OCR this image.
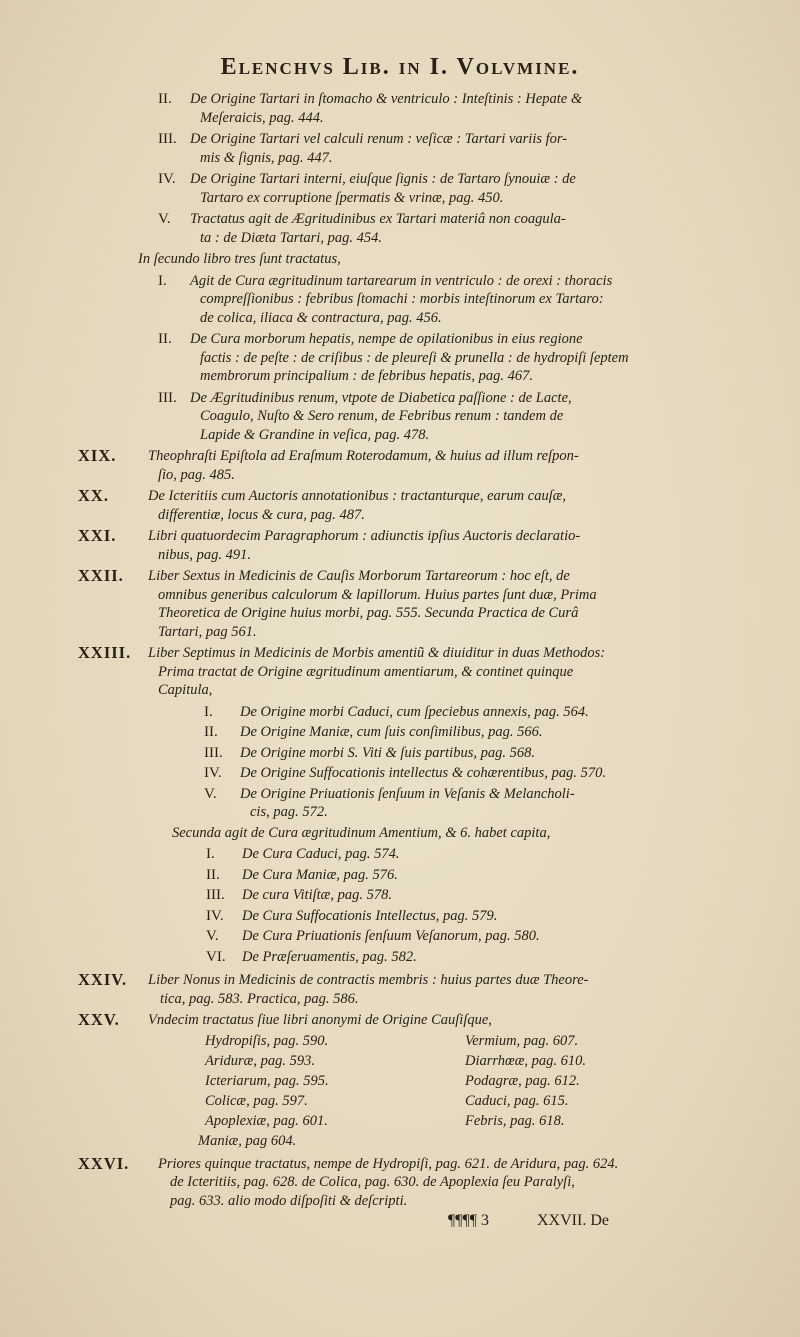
Elenchvs Lib. in I. Volvmine.
II. De Origine Tartari in ſtomacho & ventriculo : Inteſtinis : Hepate &
Meſeraicis, pag. 444.
III. De Origine Tartari vel calculi renum : veſicæ : Tartari variis for-
mis & ſignis, pag. 447.
IV. De Origine Tartari interni, eiuſque ſignis : de Tartaro ſynouiæ : de
Tartaro ex corruptione ſpermatis & vrinæ, pag. 450.
V. Tractatus agit de Ægritudinibus ex Tartari materiâ non coagula-
ta : de Diæta Tartari, pag. 454.
In ſecundo libro tres ſunt tractatus,
I. Agit de Cura ægritudinum tartarearum in ventriculo : de orexi : thoracis
compreſſionibus : febribus ſtomachi : morbis inteſtinorum ex Tartaro:
de colica, iliaca & contractura, pag. 456.
II. De Cura morborum hepatis, nempe de opilationibus in eius regione
factis : de peſte : de criſibus : de pleureſi & prunella : de hydropiſi ſeptem
membrorum principalium : de febribus hepatis, pag. 467.
III. De Ægritudinibus renum, vtpote de Diabetica paſſione : de Lacte,
Coagulo, Nuſto & Sero renum, de Febribus renum : tandem de
Lapide & Grandine in veſica, pag. 478.
XIX. Theophraſti Epiſtola ad Eraſmum Roterodamum, & huius ad illum reſpon-
ſio, pag. 485.
XX.	De Icteritiis cum Auctoris annotationibus : tractanturque, earum cauſæ,
differentiæ, locus & cura, pag. 487.
XXI. Libri quatuordecim Paragraphorum : adiunctis ipſius Auctoris declaratio-
nibus, pag. 491.
XXII. Liber Sextus in Medicinis de Cauſis Morborum Tartareorum : hoc eſt, de
omnibus generibus calculorum & lapillorum. Huius partes ſunt duæ, Prima
Theoretica de Origine huius morbi, pag. 555. Secunda Practica de Curâ
Tartari, pag 561.
XXIII. Liber Septimus in Medicinis de Morbis amentiũ & diuiditur in duas Methodos:
Prima tractat de Origine ægritudinum amentiarum, & continet quinque
Capitula,
I. De Origine morbi Caduci, cum ſpeciebus annexis, pag. 564.
II. De Origine Maniæ, cum ſuis conſimilibus, pag. 566.
III. De Origine morbi S. Viti & ſuis partibus, pag. 568.
IV. De Origine Suffocationis intellectus & cohærentibus, pag. 570.
V. De Origine Priuationis ſenſuum in Veſanis & Melancholi-
cis, pag. 572.
Secunda agit de Cura ægritudinum Amentium, & 6. habet capita,
I. De Cura Caduci, pag. 574.
II. De Cura Maniæ, pag. 576.
III. De cura Vitiſtæ, pag. 578.
IV. De Cura Suffocationis Intellectus, pag. 579.
V. De Cura Priuationis ſenſuum Veſanorum, pag. 580.
VI. De Præſeruamentis, pag. 582.
XXIV. Liber Nonus in Medicinis de contractis membris : huius partes duæ Theore-
tica, pag. 583. Practica, pag. 586.
XXV. Vndecim tractatus ſiue libri anonymi de Origine Cauſiſque,
Hydropiſis, pag. 590.
Ariduræ, pag. 593.
Icteriarum, pag. 595.
Colicæ, pag. 597.
Apoplexiæ, pag. 601.
Maniæ, pag 604.
Vermium, pag. 607.
Diarrhœæ, pag. 610.
Podagræ, pag. 612.
Caduci, pag. 615.
Febris, pag. 618.
XXVI. Priores quinque tractatus, nempe de Hydropiſi, pag. 621. de Aridura, pag. 624.
de Icteritiis, pag. 628. de Colica, pag. 630. de Apoplexia ſeu Paralyſi,
pag. 633. alio modo diſpoſiti & deſcripti.
¶¶¶¶ 3	XXVII. De
